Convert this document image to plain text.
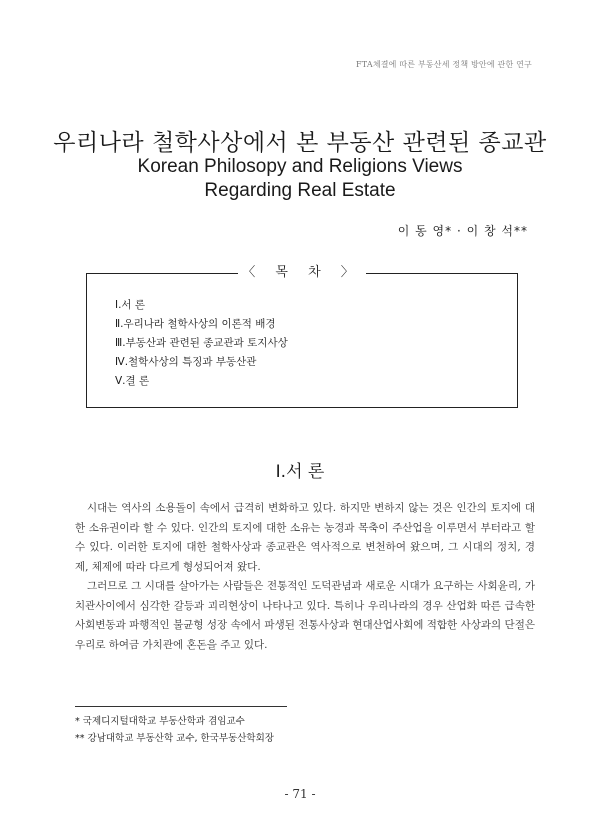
FTA체결에 따른 부동산세 정책 방안에 관한 연구
우리나라 철학사상에서 본 부동산 관련된 종교관
Korean Philosopy and Religions Views
Regarding Real Estate
이 동 영* · 이 창 석**
〈 목 차 〉
Ⅰ.서 론
Ⅱ.우리나라 철학사상의 이론적 배경
Ⅲ.부동산과 관련된 종교관과 토지사상
Ⅳ.철학사상의 특징과 부동산관
Ⅴ.결 론
Ⅰ.서 론

시대는 역사의 소용돌이 속에서 급격히 변화하고 있다. 하지만 변하지 않는 것은 인간의 토지에 대한 소유권이라 할 수 있다. 인간의 토지에 대한 소유는 농경과 목축이 주산업을 이루면서 부터라고 할 수 있다. 이러한 토지에 대한 철학사상과 종교관은 역사적으로 변천하여 왔으며, 그 시대의 정치, 경제, 체제에 따라 다르게 형성되어져 왔다.

그러므로 그 시대를 살아가는 사람들은 전통적인 도덕관념과 새로운 시대가 요구하는 사회윤리, 가치관사이에서 심각한 갈등과 괴리현상이 나타나고 있다. 특히나 우리나라의 경우 산업화 따른 급속한 사회변동과 파행적인 불균형 성장 속에서 파생된 전통사상과 현대산업사회에 적합한 사상과의 단절은 우리로 하여금 가치관에 혼돈을 주고 있다.

* 국제디지털대학교 부동산학과 겸임교수
** 강남대학교 부동산학 교수, 한국부동산학회장
- 71 -
